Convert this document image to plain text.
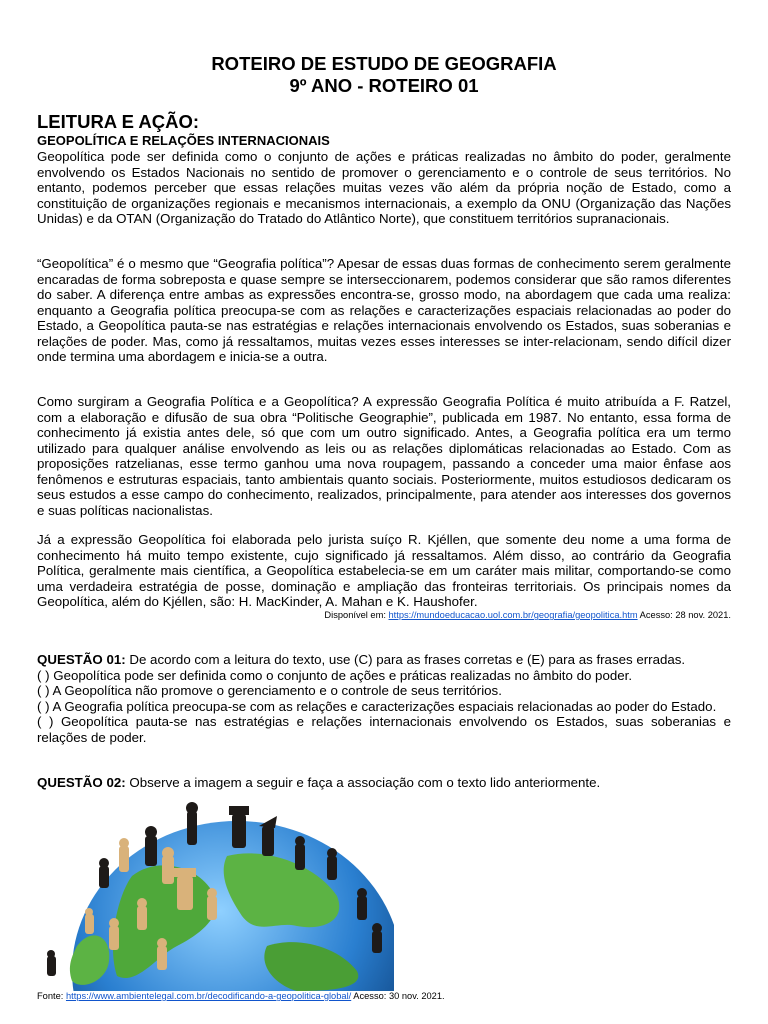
ROTEIRO DE ESTUDO DE GEOGRAFIA
9º ANO - ROTEIRO 01
LEITURA E AÇÃO:
GEOPOLÍTICA E RELAÇÕES INTERNACIONAIS
Geopolítica pode ser definida como o conjunto de ações e práticas realizadas no âmbito do poder, geralmente envolvendo os Estados Nacionais no sentido de promover o gerenciamento e o controle de seus territórios. No entanto, podemos perceber que essas relações muitas vezes vão além da própria noção de Estado, como a constituição de organizações regionais e mecanismos internacionais, a exemplo da ONU (Organização das Nações Unidas) e da OTAN (Organização do Tratado do Atlântico Norte), que constituem territórios supranacionais.
“Geopolítica” é o mesmo que “Geografia política”? Apesar de essas duas formas de conhecimento serem geralmente encaradas de forma sobreposta e quase sempre se interseccionarem, podemos considerar que são ramos diferentes do saber. A diferença entre ambas as expressões encontra-se, grosso modo, na abordagem que cada uma realiza: enquanto a Geografia política preocupa-se com as relações e caracterizações espaciais relacionadas ao poder do Estado, a Geopolítica pauta-se nas estratégias e relações internacionais envolvendo os Estados, suas soberanias e relações de poder. Mas, como já ressaltamos, muitas vezes esses interesses se inter-relacionam, sendo difícil dizer onde termina uma abordagem e inicia-se a outra.
Como surgiram a Geografia Política e a Geopolítica? A expressão Geografia Política é muito atribuída a F. Ratzel, com a elaboração e difusão de sua obra “Politische Geographie”, publicada em 1987. No entanto, essa forma de conhecimento já existia antes dele, só que com um outro significado. Antes, a Geografia política era um termo utilizado para qualquer análise envolvendo as leis ou as relações diplomáticas relacionadas ao Estado. Com as proposições ratzelianas, esse termo ganhou uma nova roupagem, passando a conceder uma maior ênfase aos fenômenos e estruturas espaciais, tanto ambientais quanto sociais. Posteriormente, muitos estudiosos dedicaram os seus estudos a esse campo do conhecimento, realizados, principalmente, para atender aos interesses dos governos e suas políticas nacionalistas.
Já a expressão Geopolítica foi elaborada pelo jurista suíço R. Kjéllen, que somente deu nome a uma forma de conhecimento há muito tempo existente, cujo significado já ressaltamos. Além disso, ao contrário da Geografia Política, geralmente mais científica, a Geopolítica estabelecia-se em um caráter mais militar, comportando-se como uma verdadeira estratégia de posse, dominação e ampliação das fronteiras territoriais. Os principais nomes da Geopolítica, além do Kjéllen, são: H. MacKinder, A. Mahan e K. Haushofer.
Disponível em: https://mundoeducacao.uol.com.br/geografia/geopolitica.htm Acesso: 28 nov. 2021.
QUESTÃO 01: De acordo com a leitura do texto, use (C) para as frases corretas e (E) para as frases erradas.
( ) Geopolítica pode ser definida como o conjunto de ações e práticas realizadas no âmbito do poder.
( ) A Geopolítica não promove o gerenciamento e o controle de seus territórios.
( ) A Geografia política preocupa-se com as relações e caracterizações espaciais relacionadas ao poder do Estado.
( ) Geopolítica pauta-se nas estratégias e relações internacionais envolvendo os Estados, suas soberanias e relações de poder.
QUESTÃO 02: Observe a imagem a seguir e faça a associação com o texto lido anteriormente.
Fonte: https://www.ambientelegal.com.br/decodificando-a-geopolitica-global/ Acesso: 30 nov. 2021.
